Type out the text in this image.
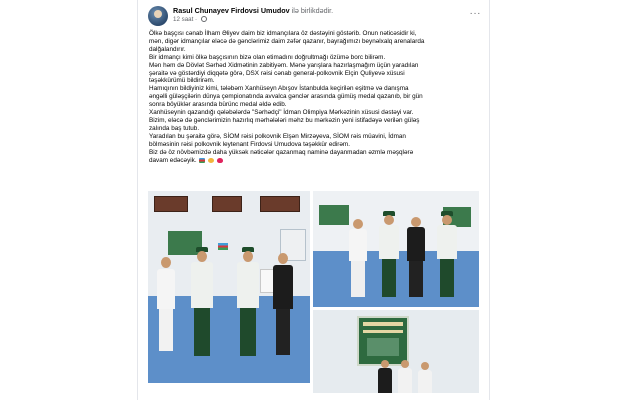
Rasul Chunayev Firdovsi Umudov ilə birlikdədir.
12 saat ·
···

Ölkə başçısı cənab İlham Əliyev daim biz idmançılara öz dəstəyini göstərib. Onun nəticəsidir ki,

mən, digər idmançılar eləcə də gənclərimiz daim zəfər qazanır, bayrağımızı beynəlxalq arenalarda

dalğalandırır.

Bir idmançı kimi ölkə başçısının bizə olan etimadını doğrultmağı özümə borc bilirəm.

Mən həm də Dövlət Sərhəd Xidmətinin zabitiyəm. Mənə yarışlara hazırlaşmağım üçün yaradılan

şəraitə və göstərdiyi diqqətə görə, DSX rəisi cənab general-polkovnik Elçin Quliyevə xüsusi

təşəkkürümü bildirirəm.

Hamıqının bildiyiniz kimi, tələbəm Xanhüseyn Abışov İstanbulda keçirilən eşitmə və danışma

əngəlli güləşçilərin dünya çempionatında avvalca gənclər arasında gümüş medal qazanıb, bir gün

sonra böyüklər arasında bürünc medal əldə edib.

Xanhüseynin qazandığı qələbələrdə "Sərhədçi" İdman Olimpiya Mərkəzinin xüsusi dəstəyi var.

Bizim, eləcə də gənclərimizin hazırlıq mərhələləri məhz bu mərkəzin yeni istifadəyə verilən güləş

zalında baş tutub.

Yaradılan bu şəraitə görə, SİOM rəisi polkovnik Elşən Mirzəyeva, SİOM rəis müavini, İdman

bölməsinin rəisi polkovnik leytenant Firdovsi Umudova təşəkkür edirəm.

Biz də öz növbəmizdə daha yüksək nəticələr qazanmaq naminə dayanmadan əzmlə məşqlərə

davam edəcəyik.
